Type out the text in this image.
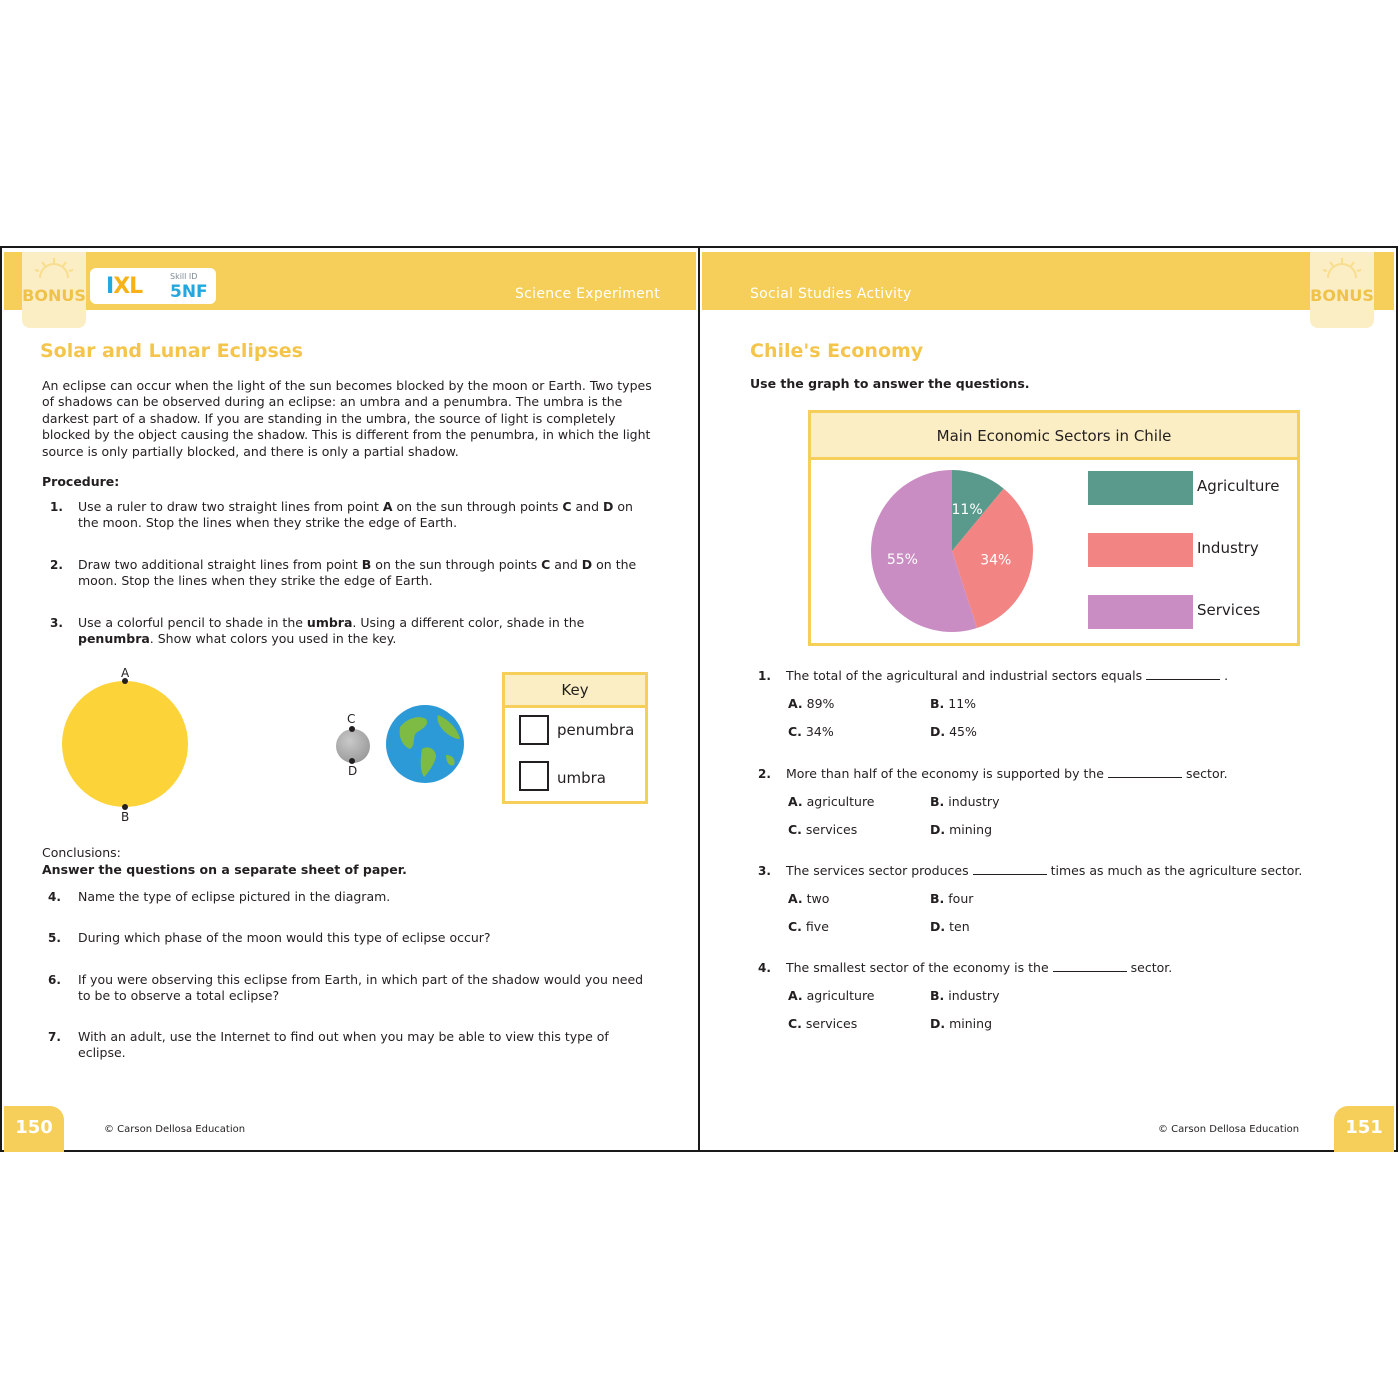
Science Experiment
BONUS IXL	Skill ID
5NF
Solar and Lunar Eclipses
An eclipse can occur when the light of the sun becomes blocked by the moon or Earth. Two types of shadows can be observed during an eclipse: an umbra and a penumbra. The umbra is the darkest part of a shadow. If you are standing in the umbra, the source of light is completely blocked by the object causing the shadow. This is different from the penumbra, in which the light source is only partially blocked, and there is only a partial shadow.
Procedure:
1. Use a ruler to draw two straight lines from point A on the sun through points C and D on the moon. Stop the lines when they strike the edge of Earth.
2. Draw two additional straight lines from point B on the sun through points C and D on the moon. Stop the lines when they strike the edge of Earth.
3. Use a colorful pencil to shade in the umbra. Using a different color, shade in the penumbra. Show what colors you used in the key.
A
B
C
D
Key
penumbra
umbra
Conclusions:
Answer the questions on a separate sheet of paper.
4. Name the type of eclipse pictured in the diagram.
5. During which phase of the moon would this type of eclipse occur?
6. If you were observing this eclipse from Earth, in which part of the shadow would you need to be to observe a total eclipse?
7. With an adult, use the Internet to find out when you may be able to view this type of eclipse.
150	© Carson Dellosa Education
Social Studies Activity	BONUS
Chile's Economy
Use the graph to answer the questions.
Main Economic Sectors in Chile
11%
34%
55%
Agriculture
Industry
Services
1. The total of the agricultural and industrial sectors equals	.
A. 89%	B. 11%
C. 34%	D. 45%
2. More than half of the economy is supported by the	sector.
A. agriculture	B. industry
C. services	D. mining
3. The services sector produces	times as much as the agriculture sector.
A. two	B. four
C. five	D. ten
4. The smallest sector of the economy is the	sector.
A. agriculture	B. industry
C. services	D. mining
151
© Carson Dellosa Education
